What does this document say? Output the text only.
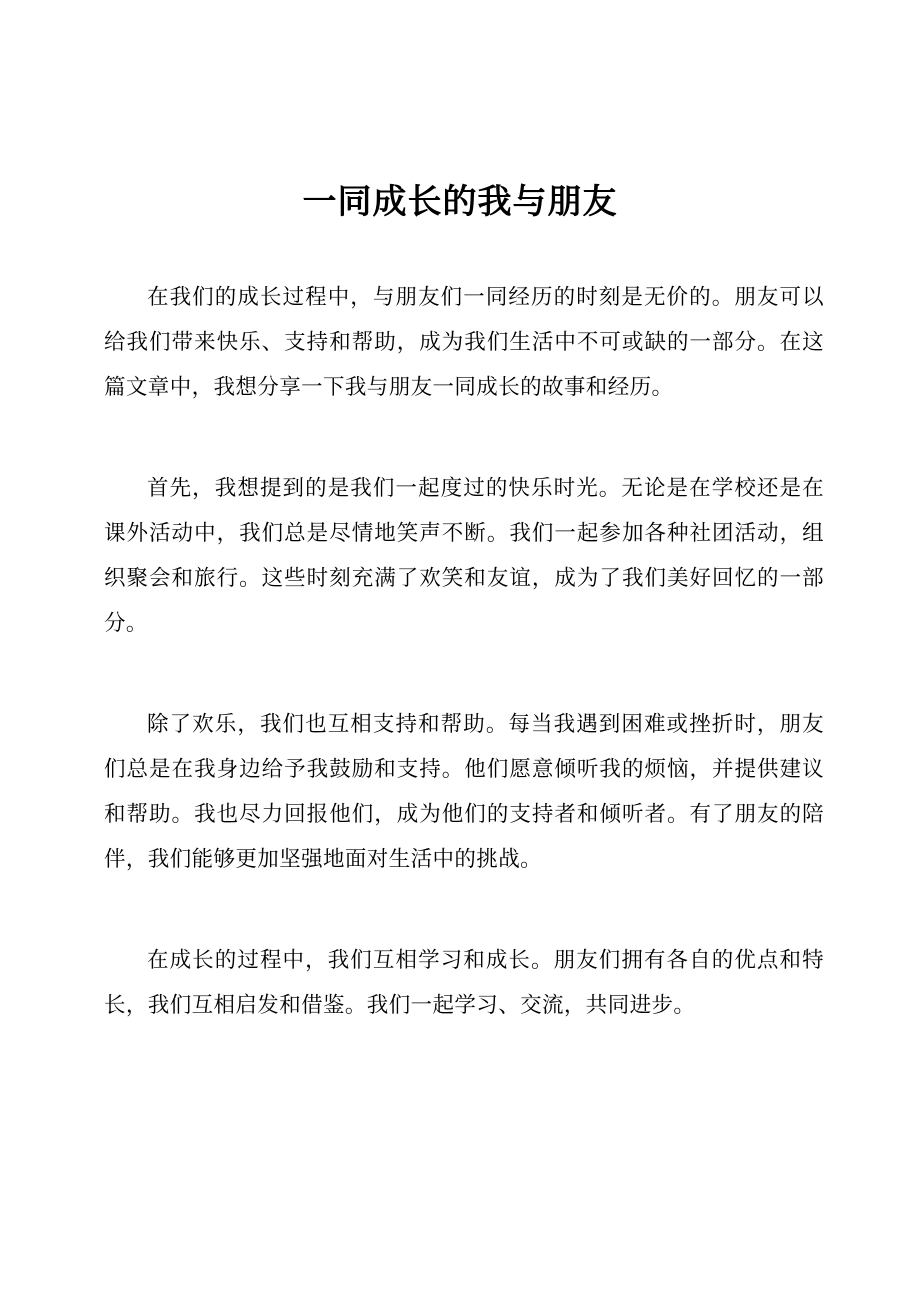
一同成长的我与朋友

在我们的成长过程中，与朋友们一同经历的时刻是无价的。朋友可以给我们带来快乐、支持和帮助，成为我们生活中不可或缺的一部分。在这篇文章中，我想分享一下我与朋友一同成长的故事和经历。

首先，我想提到的是我们一起度过的快乐时光。无论是在学校还是在课外活动中，我们总是尽情地笑声不断。我们一起参加各种社团活动，组织聚会和旅行。这些时刻充满了欢笑和友谊，成为了我们美好回忆的一部分。

除了欢乐，我们也互相支持和帮助。每当我遇到困难或挫折时，朋友们总是在我身边给予我鼓励和支持。他们愿意倾听我的烦恼，并提供建议和帮助。我也尽力回报他们，成为他们的支持者和倾听者。有了朋友的陪伴，我们能够更加坚强地面对生活中的挑战。

在成长的过程中，我们互相学习和成长。朋友们拥有各自的优点和特长，我们互相启发和借鉴。我们一起学习、交流，共同进步。
